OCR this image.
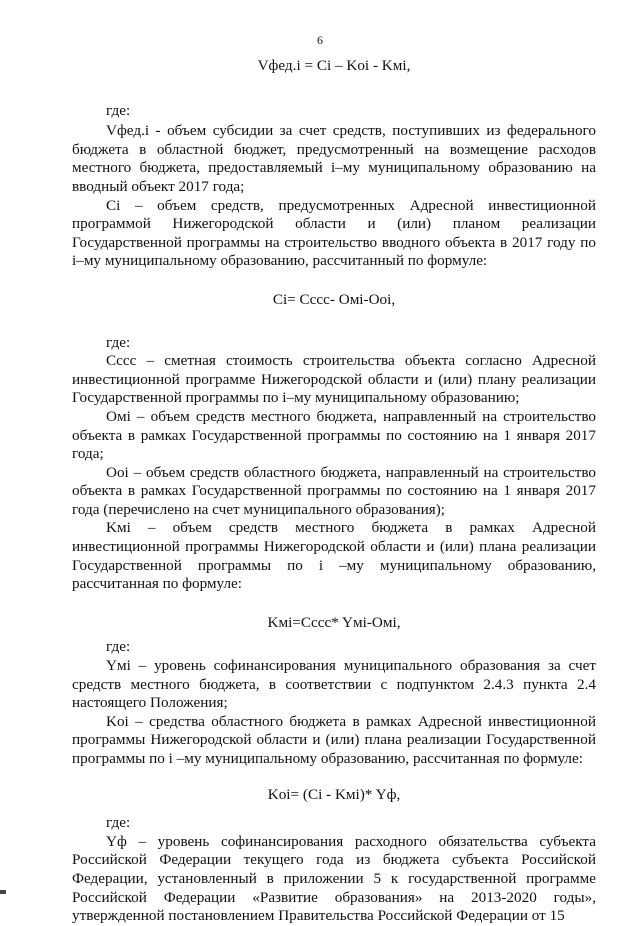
6

Vфед.i = Ci – Koi - Kмi,

где:

Vфед.i - объем субсидии за счет средств, поступивших из федерального бюджета в областной бюджет, предусмотренный на возмещение расходов местного бюджета, предоставляемый i–му муниципальному образованию на вводный объект 2017 года;

Ci – объем средств, предусмотренных Адресной инвестиционной программой Нижегородской области и (или) планом реализации Государственной программы на строительство вводного объекта в 2017 году по i–му муниципальному образованию, рассчитанный по формуле:

Ci= Cccc- Омi-Ooi,

где:

Cccc – сметная стоимость строительства объекта согласно Адресной инвестиционной программе Нижегородской области и (или) плану реализации Государственной программы по i–му муниципальному образованию;

Омi – объем средств местного бюджета, направленный на строительство объекта в рамках Государственной программы по состоянию на 1 января 2017 года;

Ooi – объем средств областного бюджета, направленный на строительство объекта в рамках Государственной программы по состоянию на 1 января 2017 года (перечислено на счет муниципального образования);

Kмi – объем средств местного бюджета в рамках Адресной инвестиционной программы Нижегородской области и (или) плана реализации Государственной программы по i –му муниципальному образованию, рассчитанная по формуле:

Kмi=Cccc* Yмi-Oмi,

где:

Yмi – уровень софинансирования муниципального образования за счет средств местного бюджета, в соответствии с подпунктом 2.4.3 пункта 2.4 настоящего Положения;

Koi – средства областного бюджета в рамках Адресной инвестиционной программы Нижегородской области и (или) плана реализации Государственной программы по i –му муниципальному образованию, рассчитанная по формуле:

Koi= (Ci - Kмi)* Yф,

где:

Yф – уровень софинансирования расходного обязательства субъекта Российской Федерации текущего года из бюджета субъекта Российской Федерации, установленный в приложении 5 к государственной программе Российской Федерации «Развитие образования» на 2013-2020 годы», утвержденной постановлением Правительства Российской Федерации от 15
